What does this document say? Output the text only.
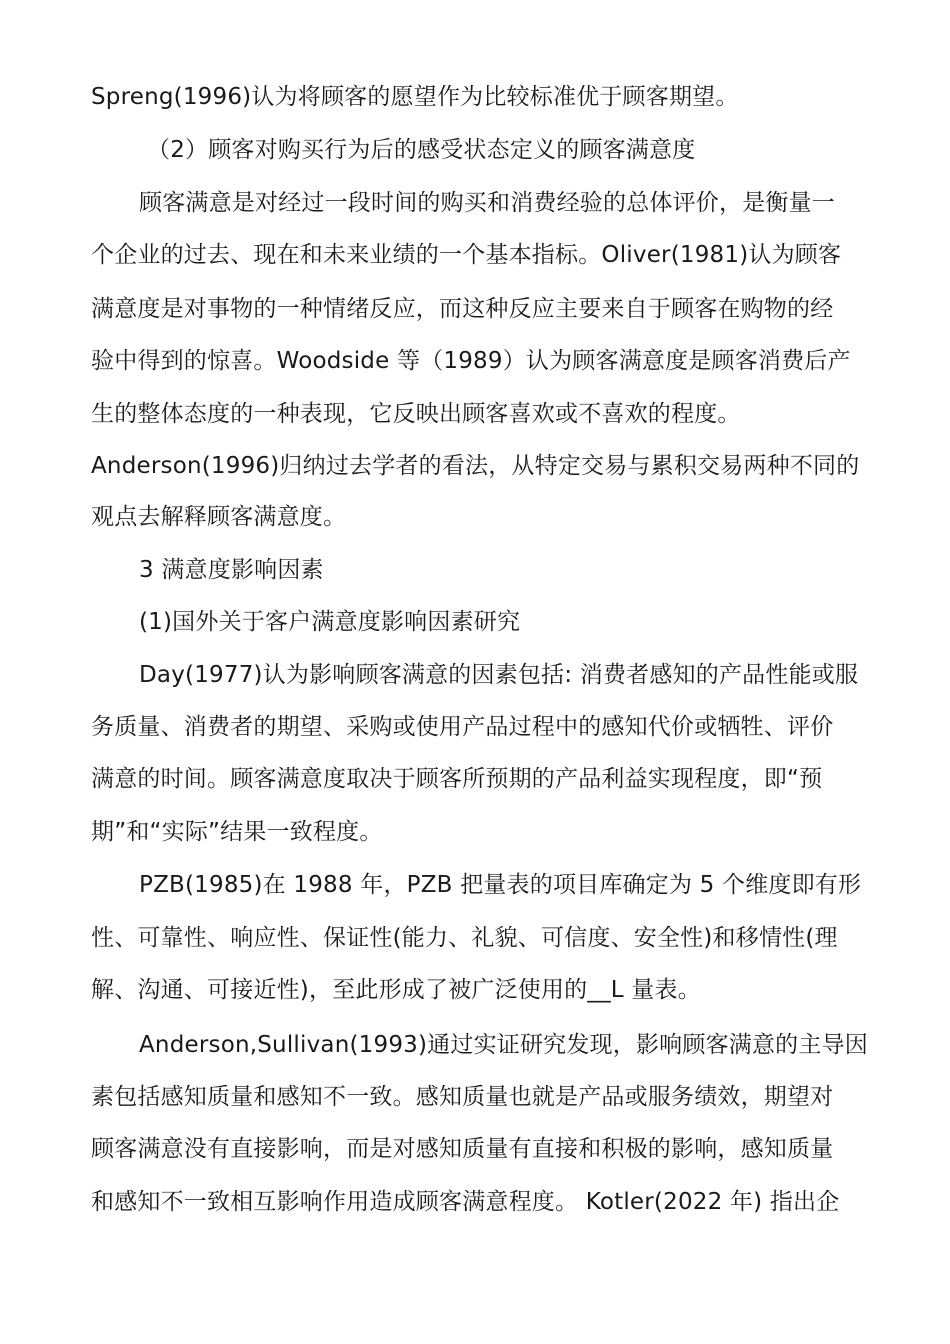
Spreng(1996)认为将顾客的愿望作为比较标准优于顾客期望。
（2）顾客对购买行为后的感受状态定义的顾客满意度
顾客满意是对经过一段时间的购买和消费经验的总体评价，是衡量一
个企业的过去、现在和未来业绩的一个基本指标。Oliver(1981)认为顾客
满意度是对事物的一种情绪反应，而这种反应主要来自于顾客在购物的经
验中得到的惊喜。Woodside 等（1989）认为顾客满意度是顾客消费后产
生的整体态度的一种表现，它反映出顾客喜欢或不喜欢的程度。
Anderson(1996)归纳过去学者的看法，从特定交易与累积交易两种不同的
观点去解释顾客满意度。
3 满意度影响因素
(1)国外关于客户满意度影响因素研究
Day(1977)认为影响顾客满意的因素包括: 消费者感知的产品性能或服
务质量、消费者的期望、采购或使用产品过程中的感知代价或牺牲、评价
满意的时间。顾客满意度取决于顾客所预期的产品利益实现程度，即“预
期”和“实际”结果一致程度。
PZB(1985)在 1988 年，PZB 把量表的项目库确定为 5 个维度即有形
性、可靠性、响应性、保证性(能力、礼貌、可信度、安全性)和移情性(理
解、沟通、可接近性)，至此形成了被广泛使用的__L 量表。
Anderson,Sullivan(1993)通过实证研究发现，影响顾客满意的主导因
素包括感知质量和感知不一致。感知质量也就是产品或服务绩效，期望对
顾客满意没有直接影响，而是对感知质量有直接和积极的影响，感知质量
和感知不一致相互影响作用造成顾客满意程度。 Kotler(2022 年) 指出企
